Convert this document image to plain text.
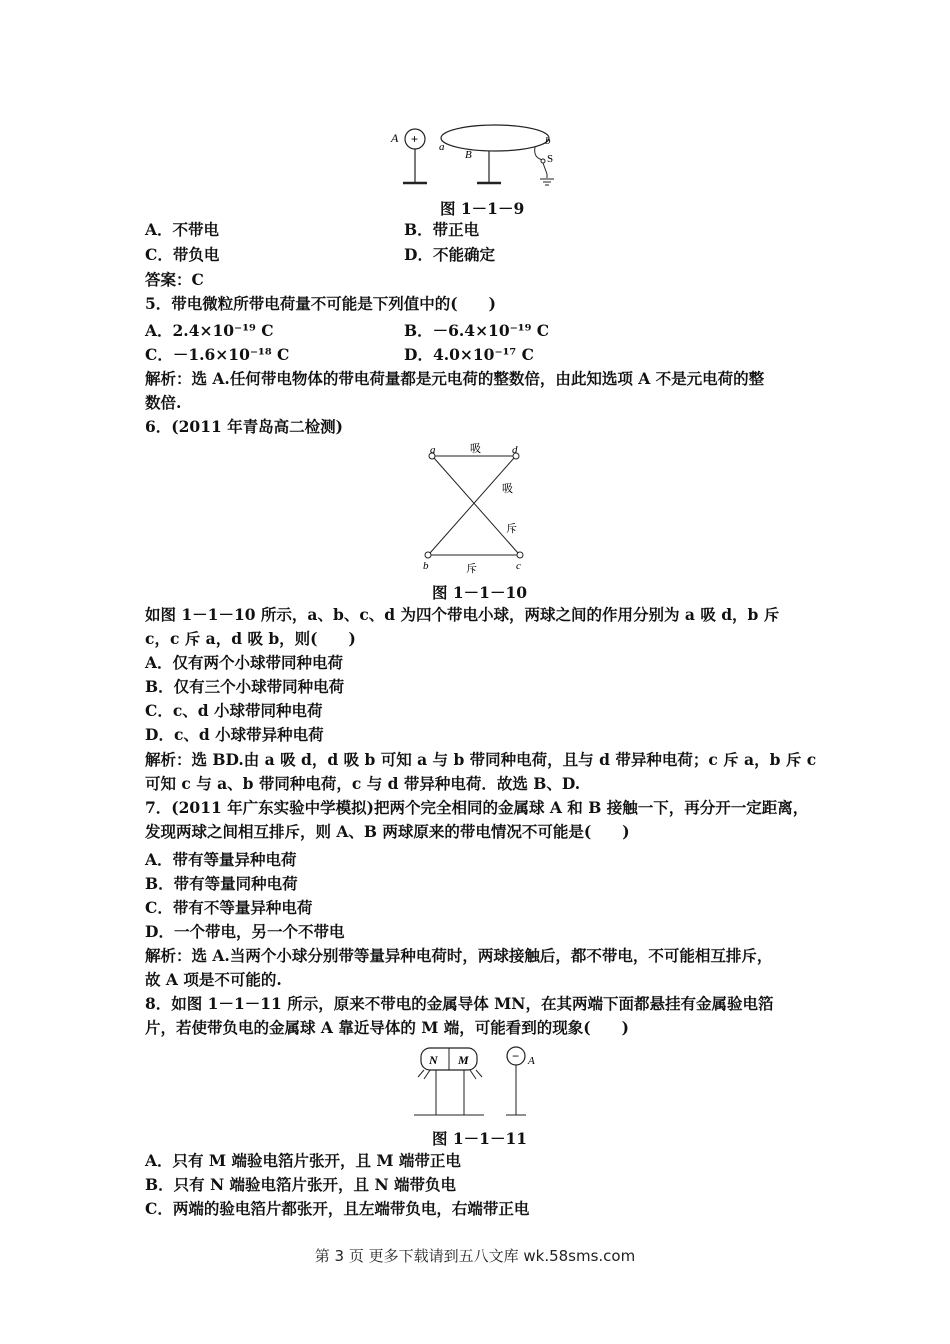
A +
a
B
b
S
图 1－1－9
A．不带电	B．带正电
C．带负电	D．不能确定
答案：C
5．带电微粒所带电荷量不可能是下列值中的(　　)
A．2.4×10⁻¹⁹ C	B．－6.4×10⁻¹⁹ C
C．－1.6×10⁻¹⁸ C	D．4.0×10⁻¹⁷ C
解析：选 A.任何带电物体的带电荷量都是元电荷的整数倍，由此知选项 A 不是元电荷的整
数倍.
6．(2011 年青岛高二检测)
a	d
b	c
吸
吸
斥
斥
图 1－1－10
如图 1－1－10 所示，a、b、c、d 为四个带电小球，两球之间的作用分别为 a 吸 d，b 斥
c，c 斥 a，d 吸 b，则(　　)
A．仅有两个小球带同种电荷
B．仅有三个小球带同种电荷
C．c、d 小球带同种电荷
D．c、d 小球带异种电荷
解析：选 BD.由 a 吸 d，d 吸 b 可知 a 与 b 带同种电荷，且与 d 带异种电荷；c 斥 a，b 斥 c
可知 c 与 a、b 带同种电荷，c 与 d 带异种电荷．故选 B、D.
7．(2011 年广东实验中学模拟)把两个完全相同的金属球 A 和 B 接触一下，再分开一定距离，
发现两球之间相互排斥，则 A、B 两球原来的带电情况不可能是(　　)
A．带有等量异种电荷
B．带有等量同种电荷
C．带有不等量异种电荷
D．一个带电，另一个不带电
解析：选 A.当两个小球分别带等量异种电荷时，两球接触后，都不带电，不可能相互排斥，
故 A 项是不可能的.
8．如图 1－1－11 所示，原来不带电的金属导体 MN，在其两端下面都悬挂有金属验电箔
片，若使带负电的金属球 A 靠近导体的 M 端，可能看到的现象(　　)
N M	− A
图 1－1－11
A．只有 M 端验电箔片张开，且 M 端带正电
B．只有 N 端验电箔片张开，且 N 端带负电
C．两端的验电箔片都张开，且左端带负电，右端带正电
第 3 页 更多下载请到五八文库 wk.58sms.com
